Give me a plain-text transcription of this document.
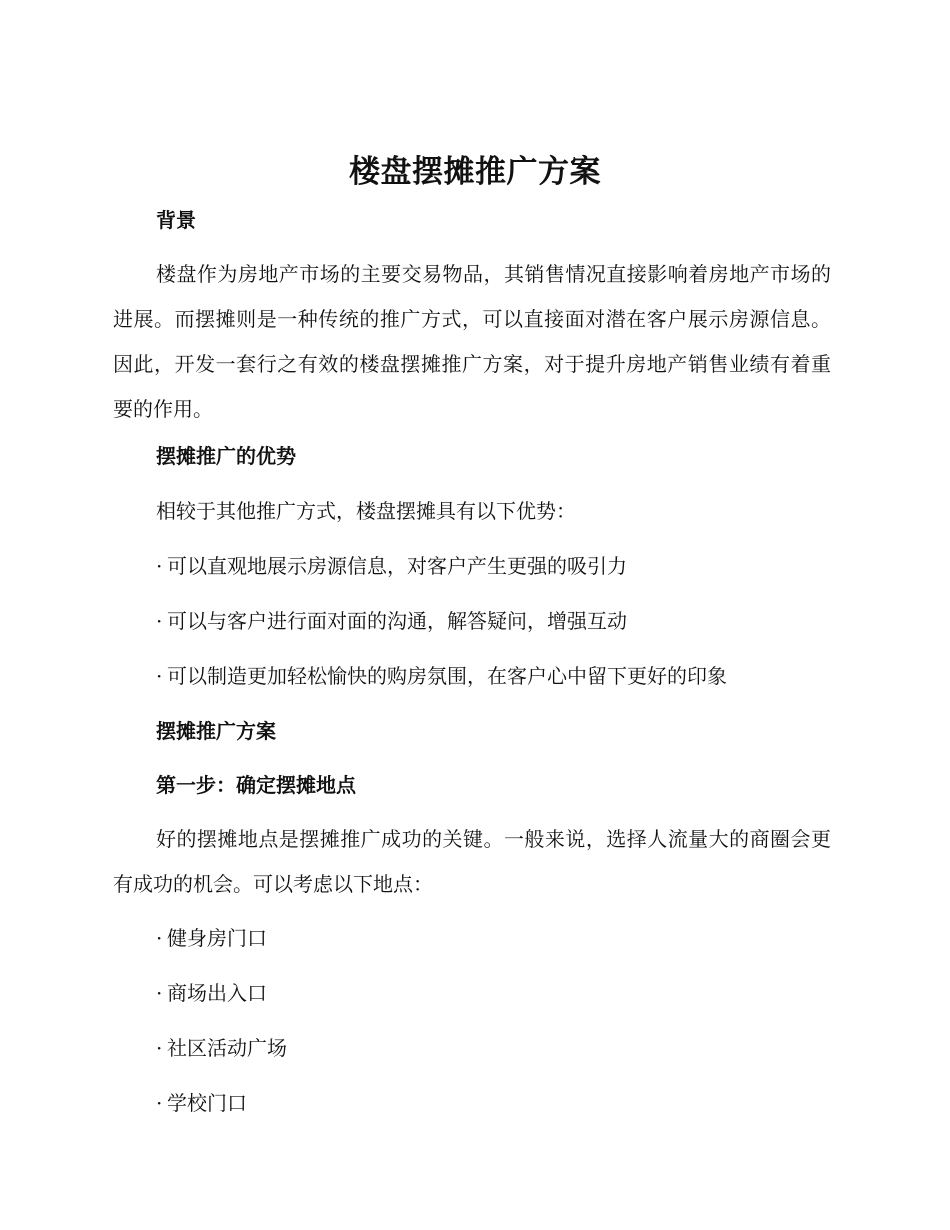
楼盘摆摊推广方案
背景
楼盘作为房地产市场的主要交易物品，其销售情况直接影响着房地产市场的进展。而摆摊则是一种传统的推广方式，可以直接面对潜在客户展示房源信息。因此，开发一套行之有效的楼盘摆摊推广方案，对于提升房地产销售业绩有着重要的作用。
摆摊推广的优势
相较于其他推广方式，楼盘摆摊具有以下优势：
· 可以直观地展示房源信息，对客户产生更强的吸引力
· 可以与客户进行面对面的沟通，解答疑问，增强互动
· 可以制造更加轻松愉快的购房氛围，在客户心中留下更好的印象
摆摊推广方案
第一步：确定摆摊地点
好的摆摊地点是摆摊推广成功的关键。一般来说，选择人流量大的商圈会更有成功的机会。可以考虑以下地点：
· 健身房门口
· 商场出入口
· 社区活动广场
· 学校门口
